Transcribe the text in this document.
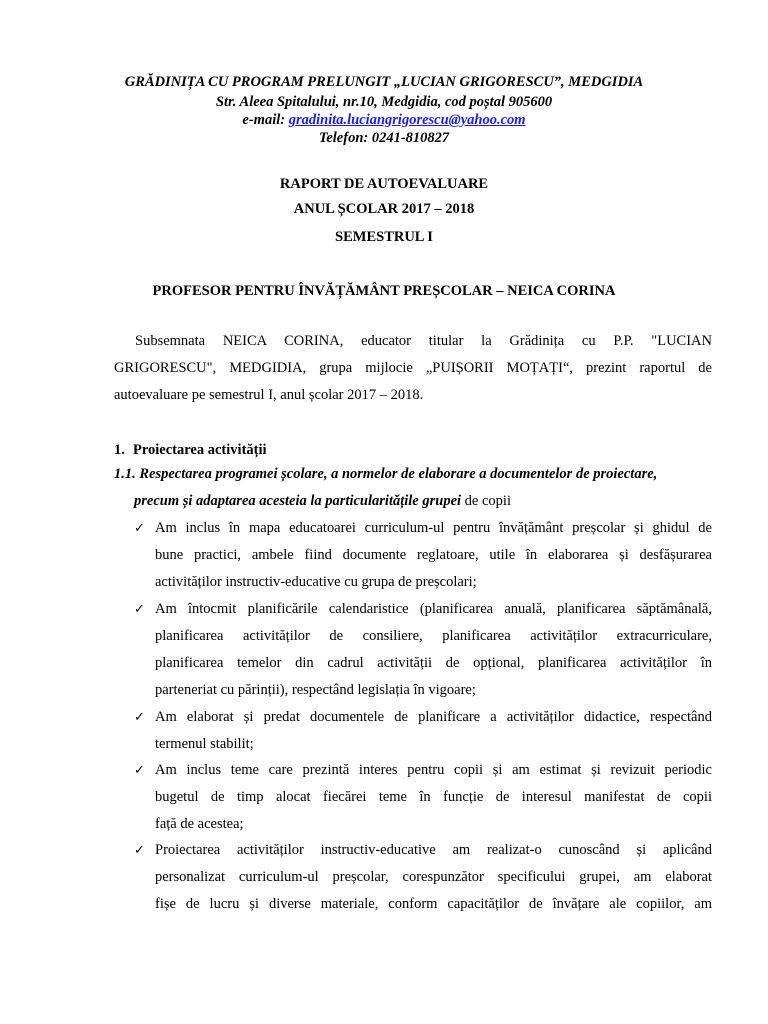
GRĂDINIȚA CU PROGRAM PRELUNGIT „LUCIAN GRIGORESCU”, MEDGIDIA
Str. Aleea Spitalului, nr.10, Medgidia, cod poștal 905600
e-mail: gradinita.luciangrigorescu@yahoo.com
Telefon: 0241-810827
RAPORT DE AUTOEVALUARE
ANUL ȘCOLAR 2017 – 2018
SEMESTRUL I
PROFESOR PENTRU ÎNVĂȚĂMÂNT PREȘCOLAR – NEICA CORINA
Subsemnata NEICA CORINA, educator titular la Grădinița cu P.P. "LUCIAN
GRIGORESCU", MEDGIDIA, grupa mijlocie „PUIȘORII MOȚAȚI“, prezint raportul de
autoevaluare pe semestrul I, anul școlar 2017 – 2018.
1. Proiectarea activității
1.1. Respectarea programei școlare, a normelor de elaborare a documentelor de proiectare,
precum și adaptarea acesteia la particularitățile grupei de copii
✓ Am inclus în mapa educatoarei curriculum-ul pentru învățământ preșcolar și ghidul de
bune practici, ambele fiind documente reglatoare, utile în elaborarea și desfășurarea
activităților instructiv-educative cu grupa de preșcolari;
✓ Am întocmit planificările calendaristice (planificarea anuală, planificarea săptămânală,
planificarea activităților de consiliere, planificarea activităților extracurriculare,
planificarea temelor din cadrul activității de opțional, planificarea activităților în
parteneriat cu părinții), respectând legislația în vigoare;
✓ Am elaborat și predat documentele de planificare a activităților didactice, respectând
termenul stabilit;
✓ Am inclus teme care prezintă interes pentru copii și am estimat și revizuit periodic
bugetul de timp alocat fiecărei teme în funcție de interesul manifestat de copii
față de acestea;
✓ Proiectarea activităților instructiv-educative am realizat-o cunoscând și aplicând
personalizat curriculum-ul preșcolar, corespunzător specificului grupei, am elaborat
fișe de lucru și diverse materiale, conform capacităților de învățare ale copiilor, am
